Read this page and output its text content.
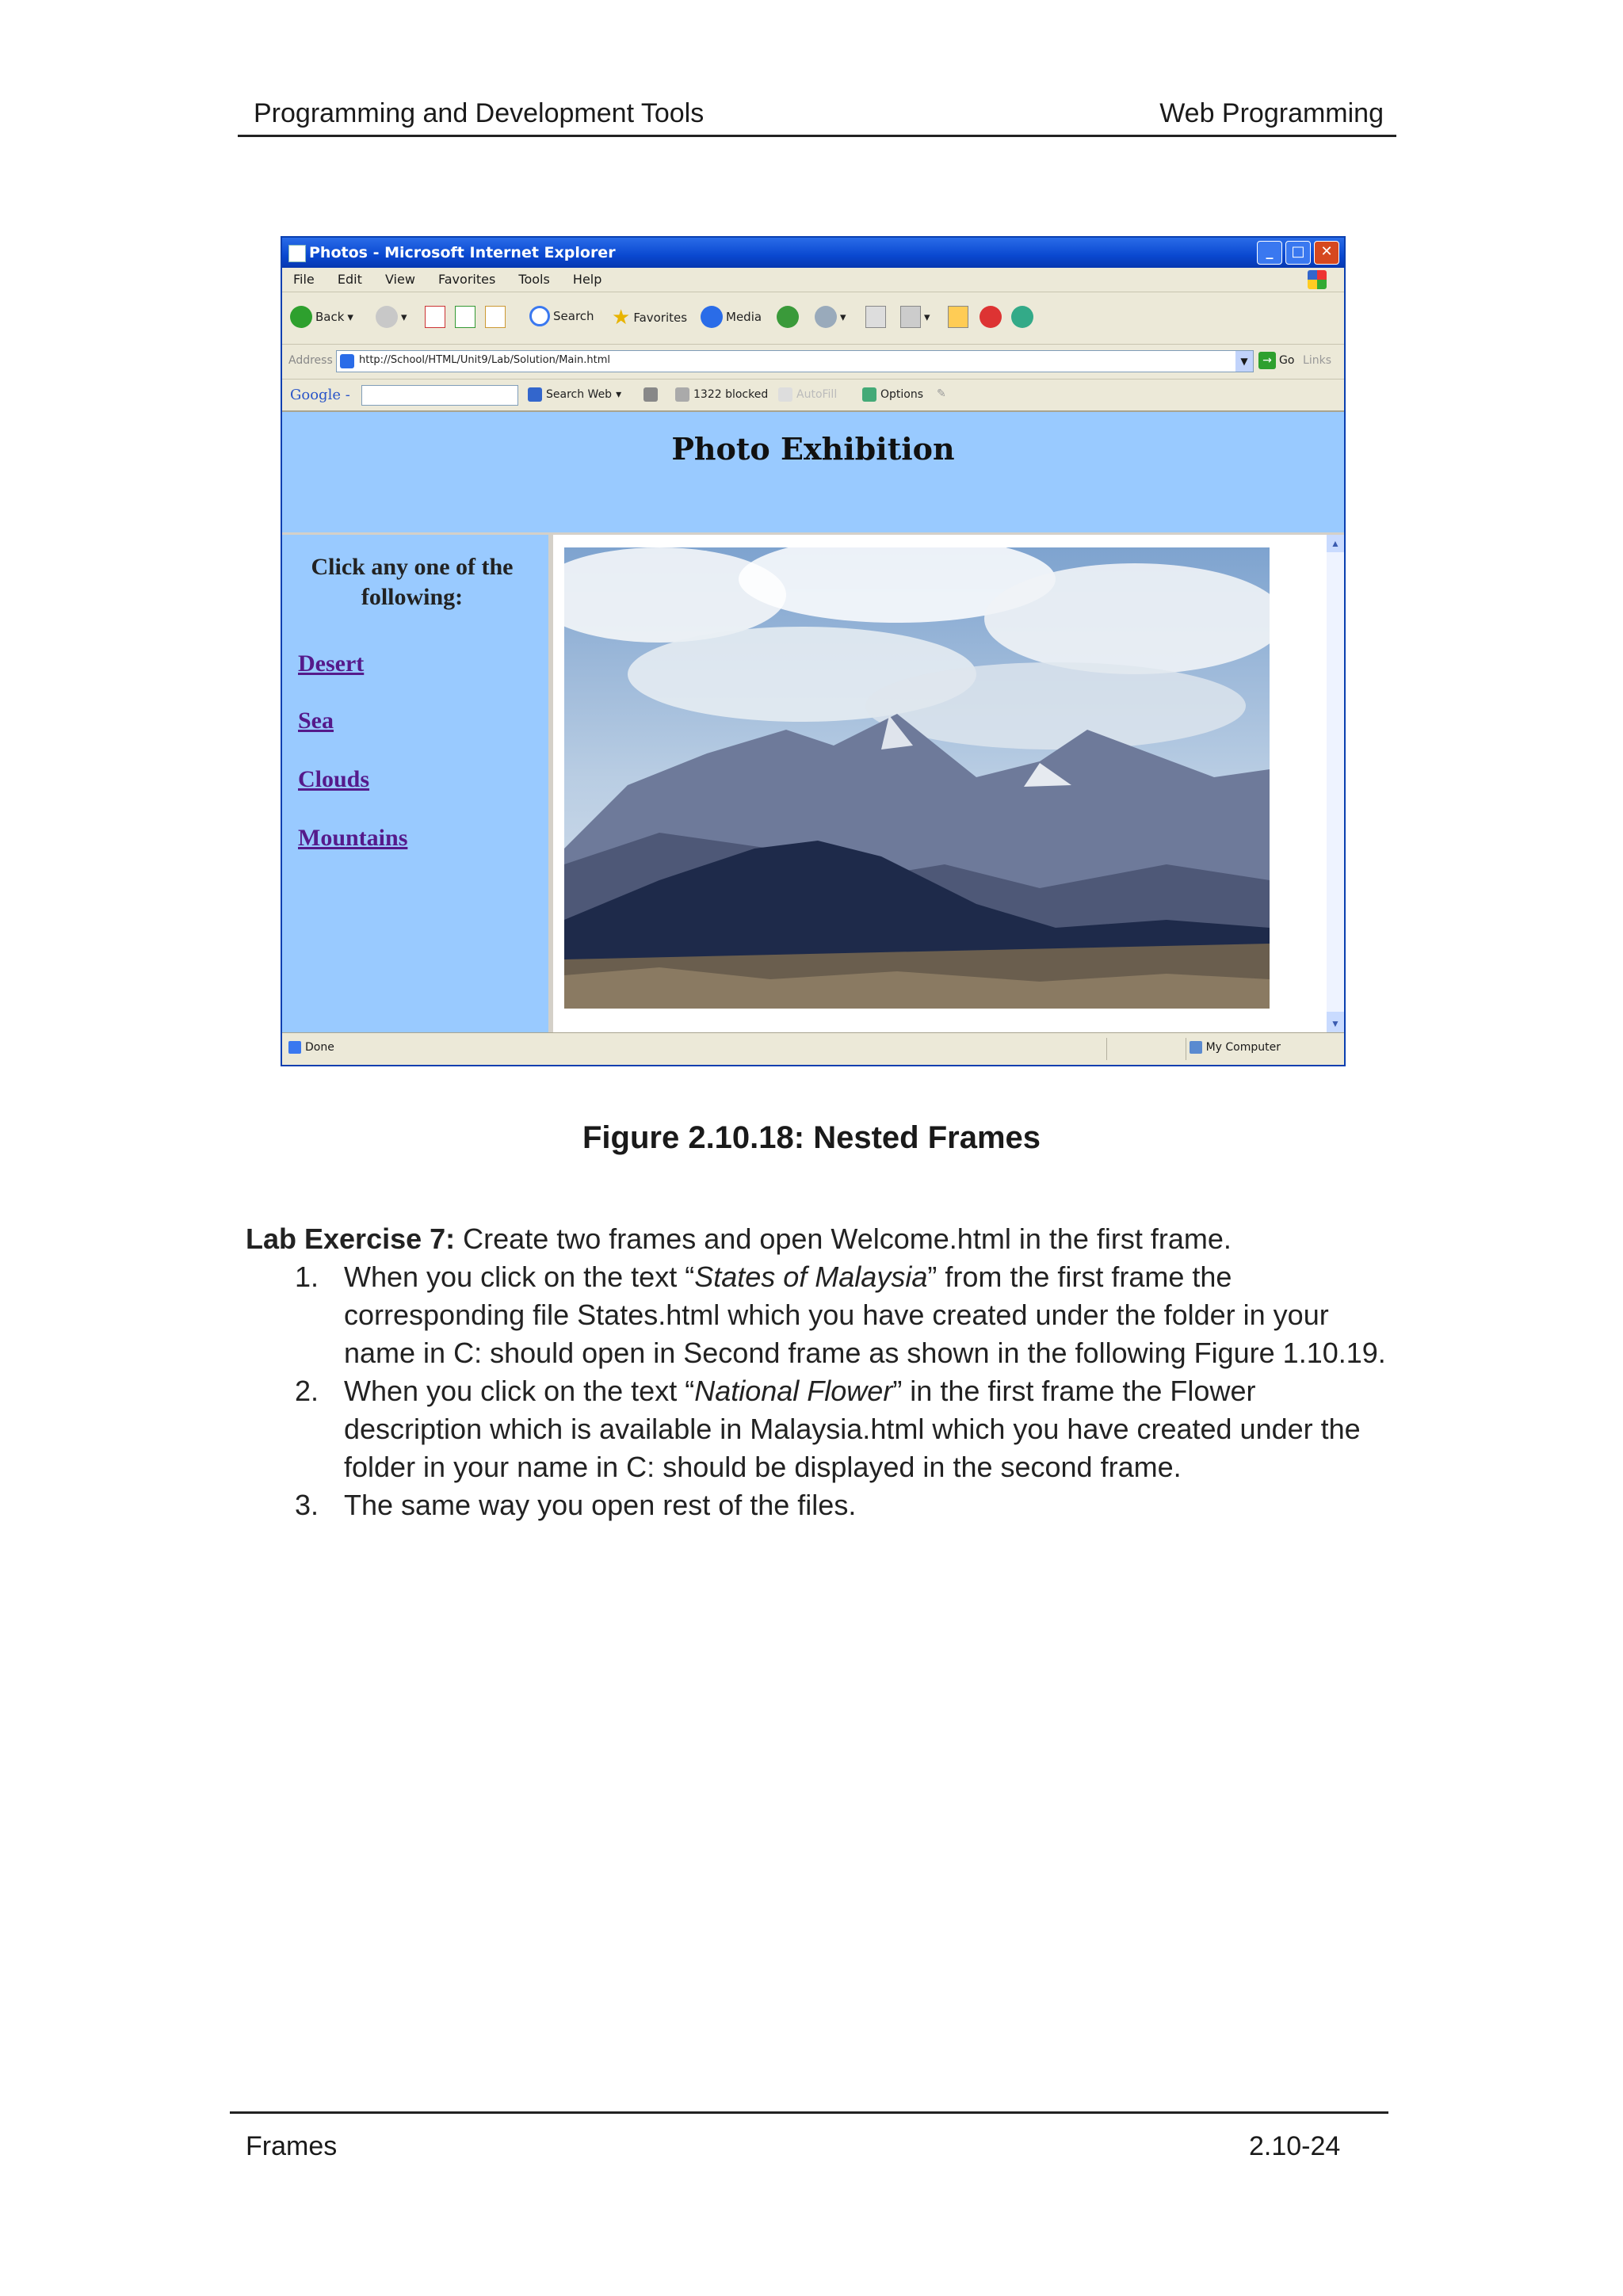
Programming and Development Tools	Web Programming
Photos - Microsoft Internet Explorer	_	□	✕
File Edit View Favorites Tools Help
Back ▾	▾	Search ★ Favorites	Media	▾	▾
Address	http://School/HTML/Unit9/Lab/Solution/Main.html	▼	→ Go Links
Google -	Search Web ▾	1322 blocked	AutoFill	Options ✎
Photo Exhibition
Click any one of the following:
Desert
Sea
Clouds
Mountains
▲
▼
Done	My Computer
Figure 2.10.18: Nested Frames
Lab Exercise 7: Create two frames and open Welcome.html in the first frame.
1. When you click on the text “States of Malaysia” from the first frame the corresponding file States.html which you have created under the folder in your name in C: should open in Second frame as shown in the following Figure 1.10.19.
2. When you click on the text “National Flower” in the first frame the Flower description which is available in Malaysia.html which you have created under the folder in your name in C: should be displayed in the second frame.
3. The same way you open rest of the files.
Frames	2.10-24
